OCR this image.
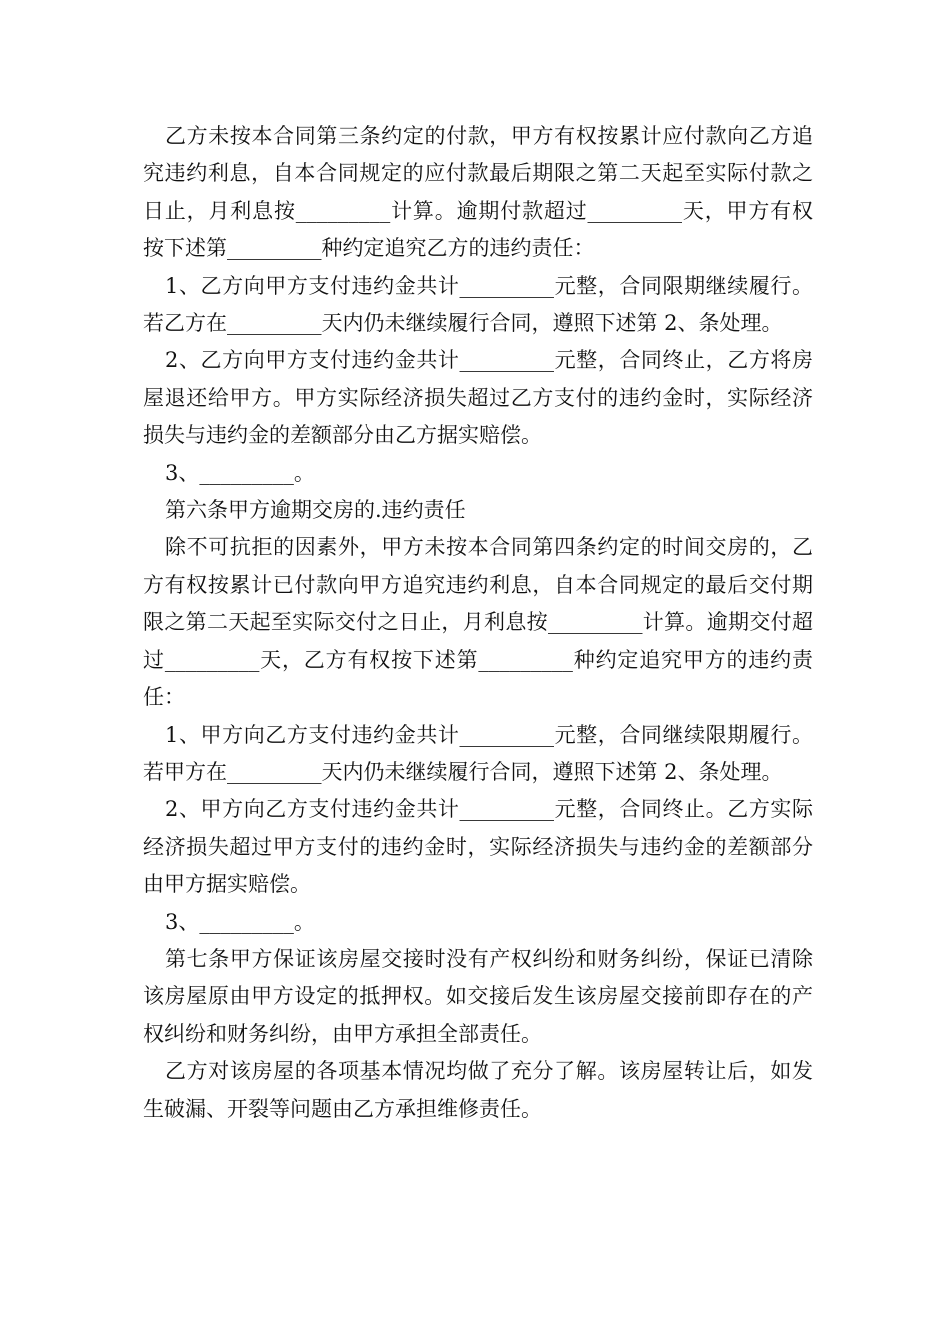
乙方未按本合同第三条约定的付款，甲方有权按累计应付款向乙方追究违约利息，自本合同规定的应付款最后期限之第二天起至实际付款之日止，月利息按_________计算。逾期付款超过_________天，甲方有权按下述第_________种约定追究乙方的违约责任：

1、乙方向甲方支付违约金共计_________元整，合同限期继续履行。若乙方在_________天内仍未继续履行合同，遵照下述第 2、条处理。

2、乙方向甲方支付违约金共计_________元整，合同终止，乙方将房屋退还给甲方。甲方实际经济损失超过乙方支付的违约金时，实际经济损失与违约金的差额部分由乙方据实赔偿。

3、_________。

第六条甲方逾期交房的.违约责任

除不可抗拒的因素外，甲方未按本合同第四条约定的时间交房的，乙方有权按累计已付款向甲方追究违约利息，自本合同规定的最后交付期限之第二天起至实际交付之日止，月利息按_________计算。逾期交付超过_________天，乙方有权按下述第_________种约定追究甲方的违约责任：

1、甲方向乙方支付违约金共计_________元整，合同继续限期履行。若甲方在_________天内仍未继续履行合同，遵照下述第 2、条处理。

2、甲方向乙方支付违约金共计_________元整，合同终止。乙方实际经济损失超过甲方支付的违约金时，实际经济损失与违约金的差额部分由甲方据实赔偿。

3、_________。

第七条甲方保证该房屋交接时没有产权纠纷和财务纠纷，保证已清除该房屋原由甲方设定的抵押权。如交接后发生该房屋交接前即存在的产权纠纷和财务纠纷，由甲方承担全部责任。

乙方对该房屋的各项基本情况均做了充分了解。该房屋转让后，如发生破漏、开裂等问题由乙方承担维修责任。
